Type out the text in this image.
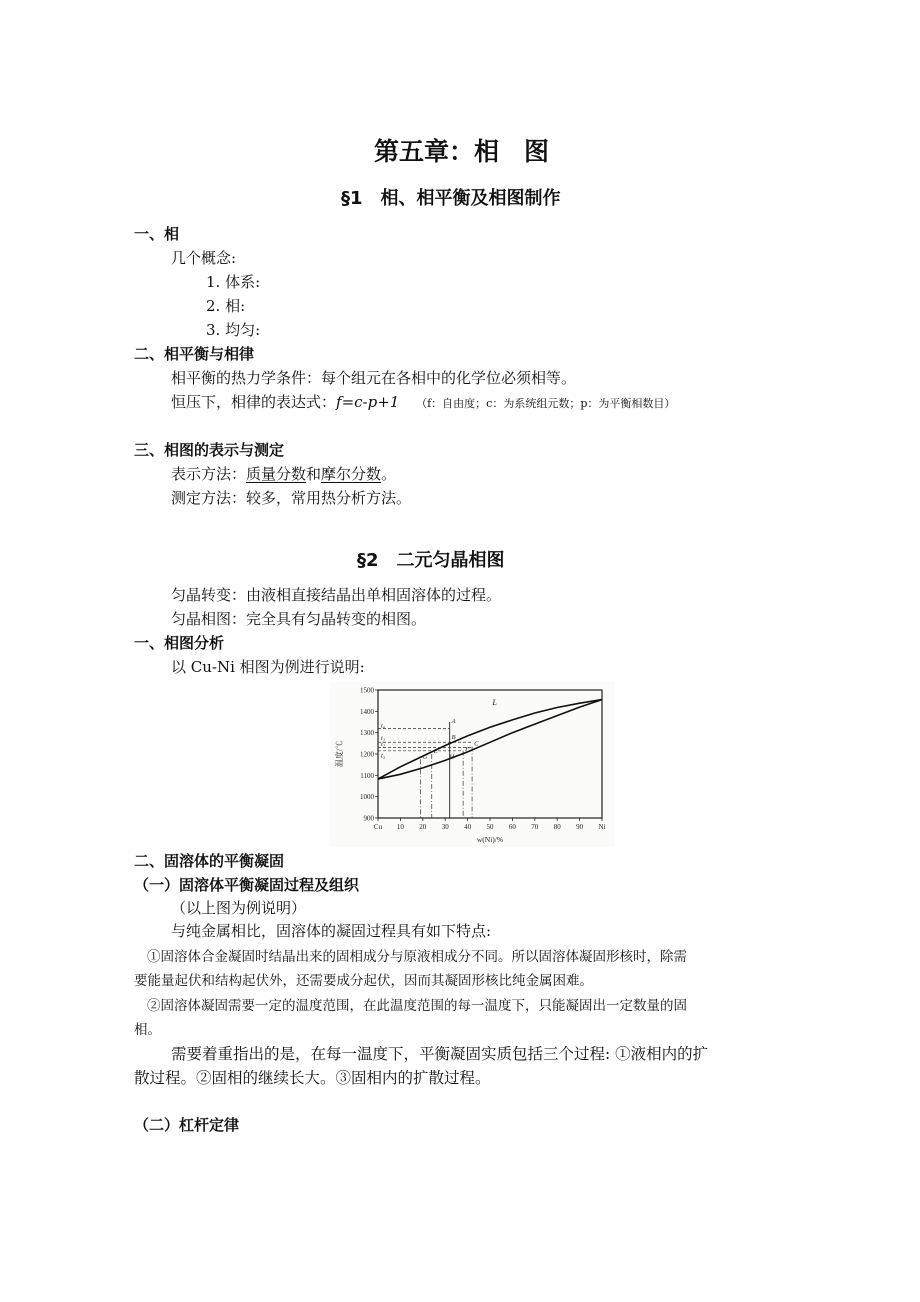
第五章：相　图
§1　相、相平衡及相图制作
一、相
几个概念:
1. 体系:
2. 相:
3. 均匀:
二、相平衡与相律
相平衡的热力学条件：每个组元在各相中的化学位必须相等。
恒压下，相律的表达式：f=c-p+1 （f：自由度；c：为系统组元数；p：为平衡相数目）
三、相图的表示与测定
表示方法：质量分数和摩尔分数。
测定方法：较多，常用热分析方法。
§2　二元匀晶相图
匀晶转变：由液相直接结晶出单相固溶体的过程。
匀晶相图：完全具有匀晶转变的相图。
一、相图分析
以 Cu-Ni 相图为例进行说明:
Cu 10 20 30 40 50 60 70 80 90 Ni
900
1000
1100
1200
1300
1400
1500
A
B
C
E	F
G	H
t₀
t₁
t₂
t₃
L
温度/℃
w(Ni)/%
二、固溶体的平衡凝固
（一）固溶体平衡凝固过程及组织
（以上图为例说明）
与纯金属相比，固溶体的凝固过程具有如下特点:
①固溶体合金凝固时结晶出来的固相成分与原液相成分不同。所以固溶体凝固形核时，除需
要能量起伏和结构起伏外，还需要成分起伏，因而其凝固形核比纯金属困难。
②固溶体凝固需要一定的温度范围，在此温度范围的每一温度下，只能凝固出一定数量的固
相。
需要着重指出的是，在每一温度下，平衡凝固实质包括三个过程: ①液相内的扩
散过程。②固相的继续长大。③固相内的扩散过程。
（二）杠杆定律
